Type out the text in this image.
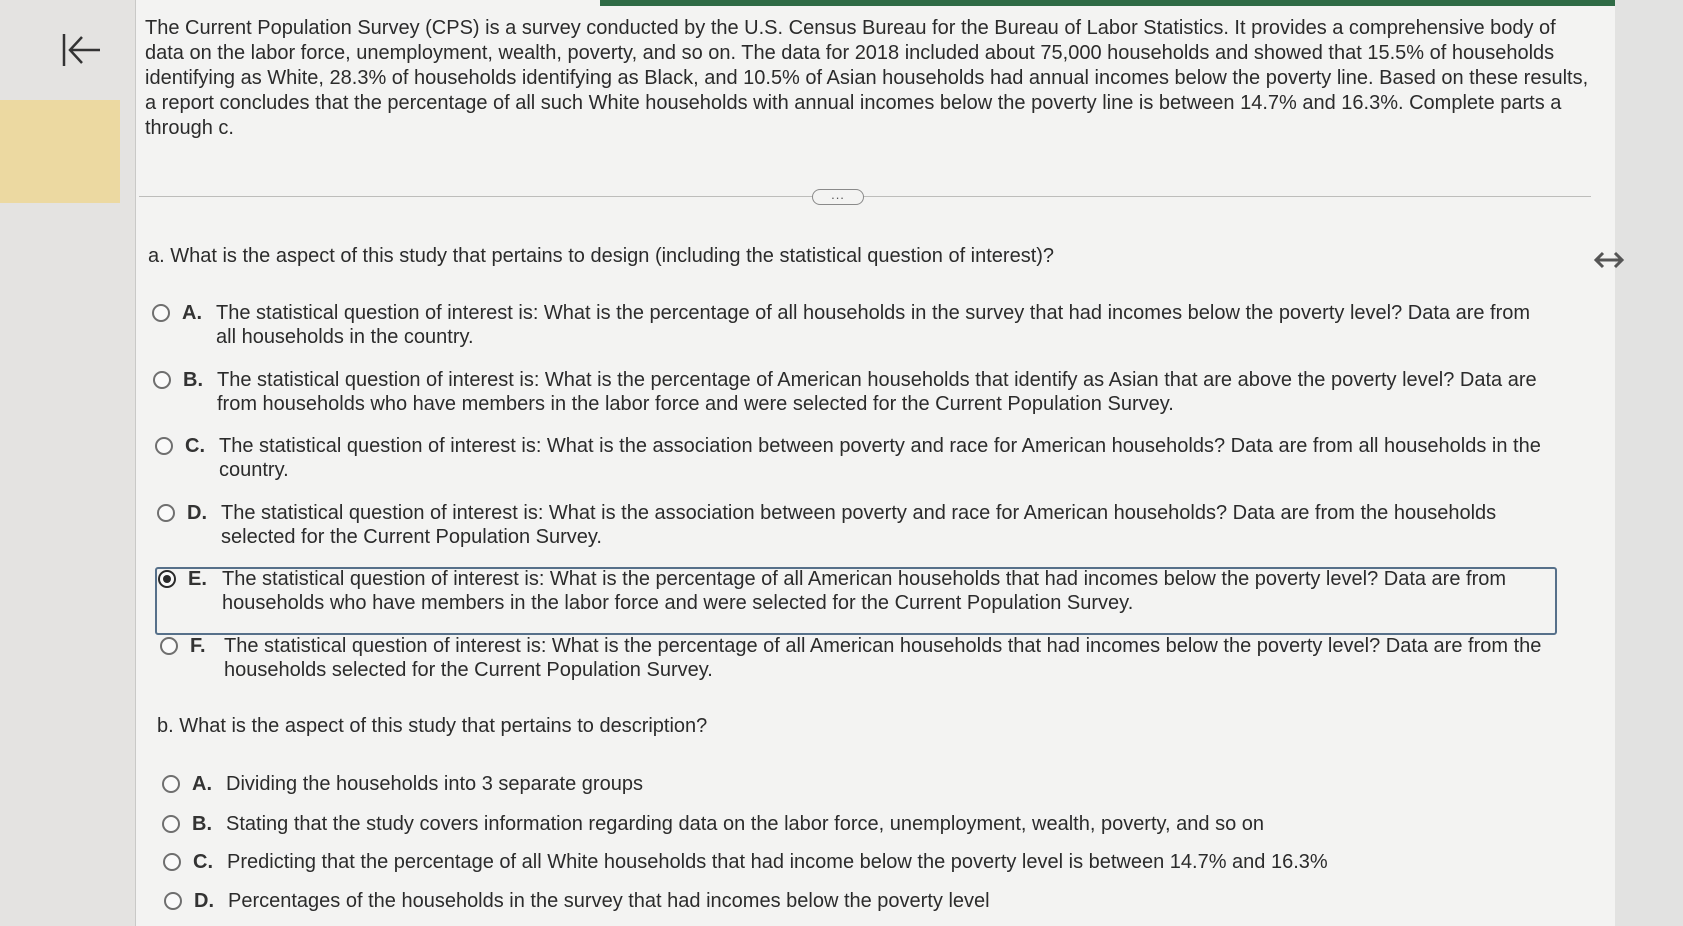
The Current Population Survey (CPS) is a survey conducted by the U.S. Census Bureau for the Bureau of Labor Statistics. It provides a comprehensive body of data on the labor force, unemployment, wealth, poverty, and so on. The data for 2018 included about 75,000 households and showed that 15.5% of households identifying as White, 28.3% of households identifying as Black, and 10.5% of Asian households had annual incomes below the poverty line. Based on these results, a report concludes that the percentage of all such White households with annual incomes below the poverty line is between 14.7% and 16.3%. Complete parts a through c.
...
a. What is the aspect of this study that pertains to design (including the statistical question of interest)?
A. The statistical question of interest is: What is the percentage of all households in the survey that had incomes below the poverty level? Data are from all households in the country.
B. The statistical question of interest is: What is the percentage of American households that identify as Asian that are above the poverty level? Data are from households who have members in the labor force and were selected for the Current Population Survey.
C. The statistical question of interest is: What is the association between poverty and race for American households? Data are from all households in the country.
D. The statistical question of interest is: What is the association between poverty and race for American households? Data are from the households selected for the Current Population Survey.
E. The statistical question of interest is: What is the percentage of all American households that had incomes below the poverty level? Data are from households who have members in the labor force and were selected for the Current Population Survey.
F. The statistical question of interest is: What is the percentage of all American households that had incomes below the poverty level? Data are from the households selected for the Current Population Survey.
b. What is the aspect of this study that pertains to description?
A. Dividing the households into 3 separate groups
B. Stating that the study covers information regarding data on the labor force, unemployment, wealth, poverty, and so on
C. Predicting that the percentage of all White households that had income below the poverty level is between 14.7% and 16.3%
D. Percentages of the households in the survey that had incomes below the poverty level
